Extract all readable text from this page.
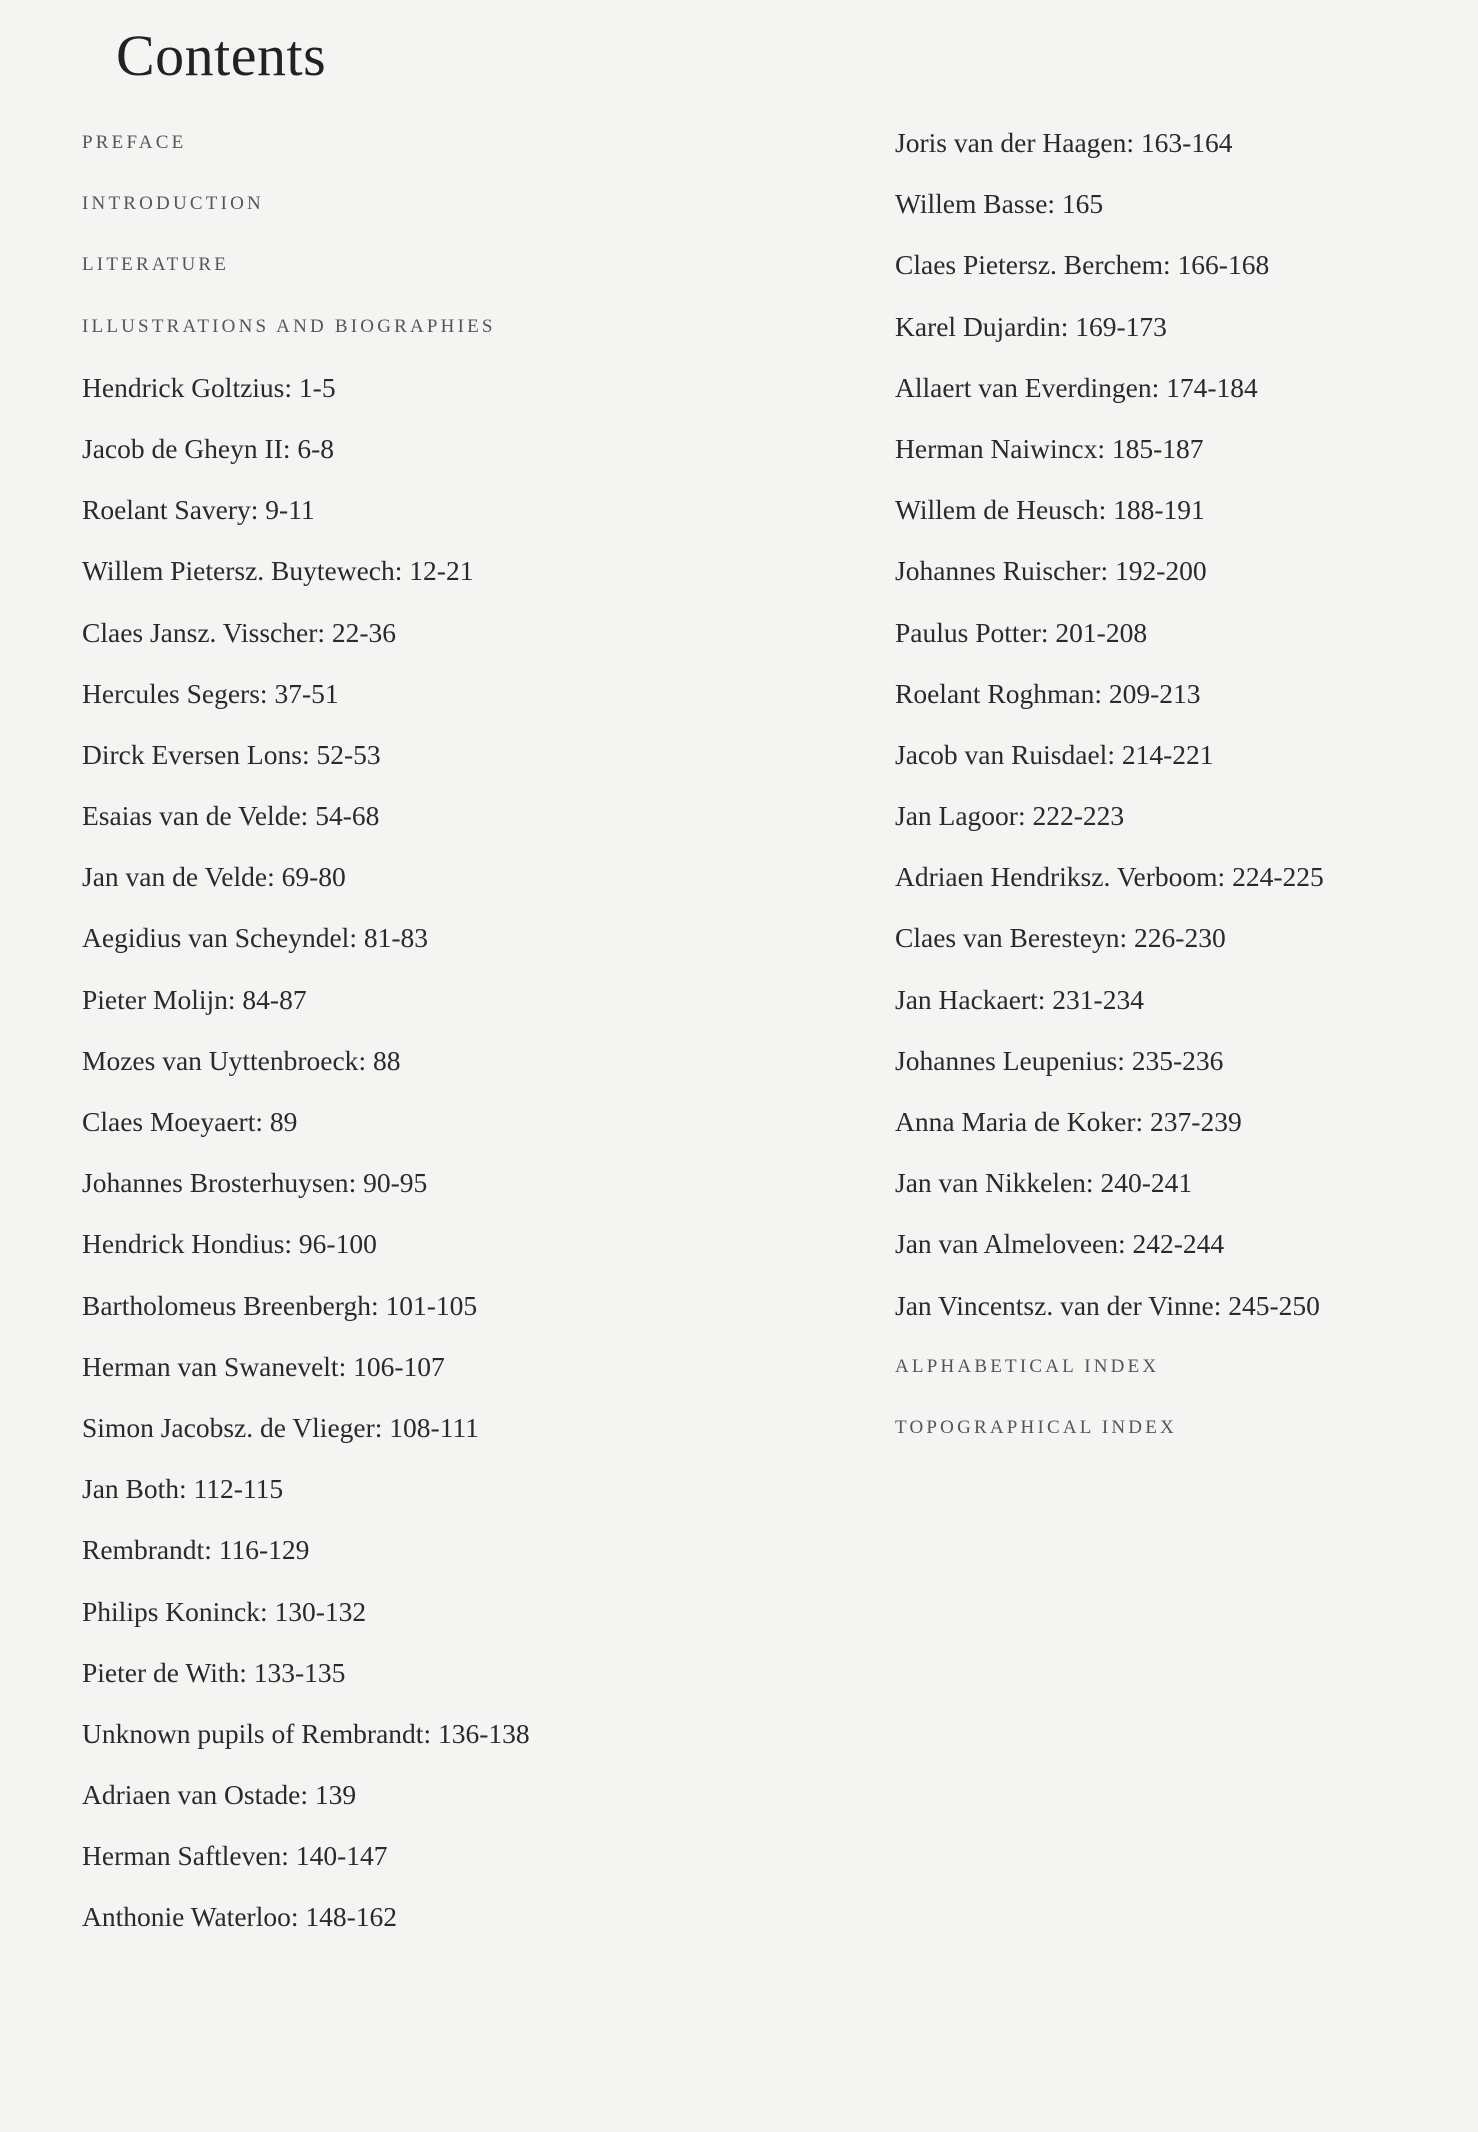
Contents
PREFACE
INTRODUCTION
LITERATURE
ILLUSTRATIONS AND BIOGRAPHIES
Hendrick Goltzius: 1-5
Jacob de Gheyn II: 6-8
Roelant Savery: 9-11
Willem Pietersz. Buytewech: 12-21
Claes Jansz. Visscher: 22-36
Hercules Segers: 37-51
Dirck Eversen Lons: 52-53
Esaias van de Velde: 54-68
Jan van de Velde: 69-80
Aegidius van Scheyndel: 81-83
Pieter Molijn: 84-87
Mozes van Uyttenbroeck: 88
Claes Moeyaert: 89
Johannes Brosterhuysen: 90-95
Hendrick Hondius: 96-100
Bartholomeus Breenbergh: 101-105
Herman van Swanevelt: 106-107
Simon Jacobsz. de Vlieger: 108-111
Jan Both: 112-115
Rembrandt: 116-129
Philips Koninck: 130-132
Pieter de With: 133-135
Unknown pupils of Rembrandt: 136-138
Adriaen van Ostade: 139
Herman Saftleven: 140-147
Anthonie Waterloo: 148-162
Joris van der Haagen: 163-164
Willem Basse: 165
Claes Pietersz. Berchem: 166-168
Karel Dujardin: 169-173
Allaert van Everdingen: 174-184
Herman Naiwincx: 185-187
Willem de Heusch: 188-191
Johannes Ruischer: 192-200
Paulus Potter: 201-208
Roelant Roghman: 209-213
Jacob van Ruisdael: 214-221
Jan Lagoor: 222-223
Adriaen Hendriksz. Verboom: 224-225
Claes van Beresteyn: 226-230
Jan Hackaert: 231-234
Johannes Leupenius: 235-236
Anna Maria de Koker: 237-239
Jan van Nikkelen: 240-241
Jan van Almeloveen: 242-244
Jan Vincentsz. van der Vinne: 245-250
ALPHABETICAL INDEX
TOPOGRAPHICAL INDEX
